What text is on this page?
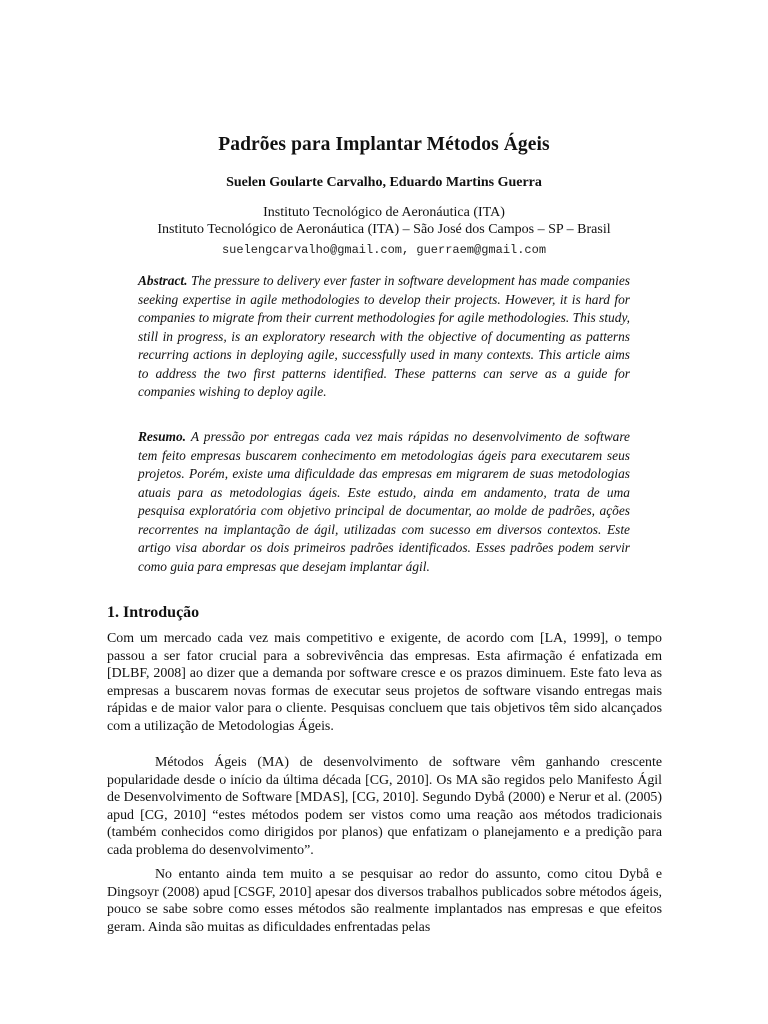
Padrões para Implantar Métodos Ágeis
Suelen Goularte Carvalho, Eduardo Martins Guerra
Instituto Tecnológico de Aeronáutica (ITA)
Instituto Tecnológico de Aeronáutica (ITA) – São José dos Campos – SP – Brasil
suelengcarvalho@gmail.com, guerraem@gmail.com
Abstract. The pressure to delivery ever faster in software development has made companies seeking expertise in agile methodologies to develop their projects. However, it is hard for companies to migrate from their current methodologies for agile methodologies. This study, still in progress, is an exploratory research with the objective of documenting as patterns recurring actions in deploying agile, successfully used in many contexts. This article aims to address the two first patterns identified. These patterns can serve as a guide for companies wishing to deploy agile.
Resumo. A pressão por entregas cada vez mais rápidas no desenvolvimento de software tem feito empresas buscarem conhecimento em metodologias ágeis para executarem seus projetos. Porém, existe uma dificuldade das empresas em migrarem de suas metodologias atuais para as metodologias ágeis. Este estudo, ainda em andamento, trata de uma pesquisa exploratória com objetivo principal de documentar, ao molde de padrões, ações recorrentes na implantação de ágil, utilizadas com sucesso em diversos contextos. Este artigo visa abordar os dois primeiros padrões identificados. Esses padrões podem servir como guia para empresas que desejam implantar ágil.
1. Introdução
Com um mercado cada vez mais competitivo e exigente, de acordo com [LA, 1999], o tempo passou a ser fator crucial para a sobrevivência das empresas. Esta afirmação é enfatizada em [DLBF, 2008] ao dizer que a demanda por software cresce e os prazos diminuem. Este fato leva as empresas a buscarem novas formas de executar seus projetos de software visando entregas mais rápidas e de maior valor para o cliente. Pesquisas concluem que tais objetivos têm sido alcançados com a utilização de Metodologias Ágeis.
Métodos Ágeis (MA) de desenvolvimento de software vêm ganhando crescente popularidade desde o início da última década [CG, 2010]. Os MA são regidos pelo Manifesto Ágil de Desenvolvimento de Software [MDAS], [CG, 2010]. Segundo Dybå (2000) e Nerur et al. (2005) apud [CG, 2010] “estes métodos podem ser vistos como uma reação aos métodos tradicionais (também conhecidos como dirigidos por planos) que enfatizam o planejamento e a predição para cada problema do desenvolvimento”.
No entanto ainda tem muito a se pesquisar ao redor do assunto, como citou Dybå e Dingsoyr (2008) apud [CSGF, 2010] apesar dos diversos trabalhos publicados sobre métodos ágeis, pouco se sabe sobre como esses métodos são realmente implantados nas empresas e que efeitos geram. Ainda são muitas as dificuldades enfrentadas pelas
